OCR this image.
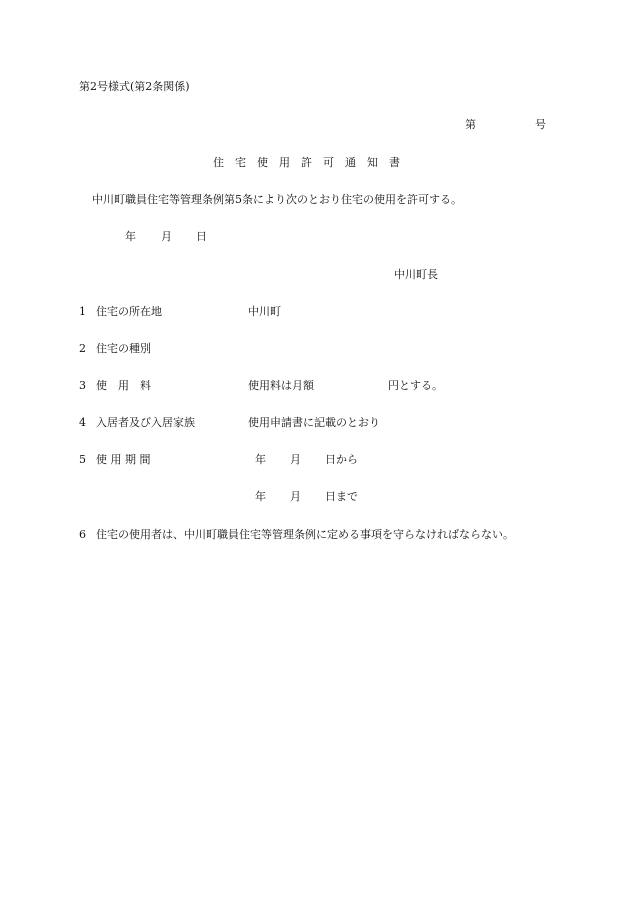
第2号様式(第2条関係)
第	号
住　宅　使　用　許　可　通　知　書
中川町職員住宅等管理条例第5条により次のとおり住宅の使用を許可する。
年 月 日
中川町長
1 住宅の所在地	中川町
2 住宅の種別
3 使　用　料	使用料は月額	円とする。
4 入居者及び入居家族	使用申請書に記載のとおり
5 使 用 期 間	年 月 日から
年 月 日まで
6 住宅の使用者は、中川町職員住宅等管理条例に定める事項を守らなければならない。
